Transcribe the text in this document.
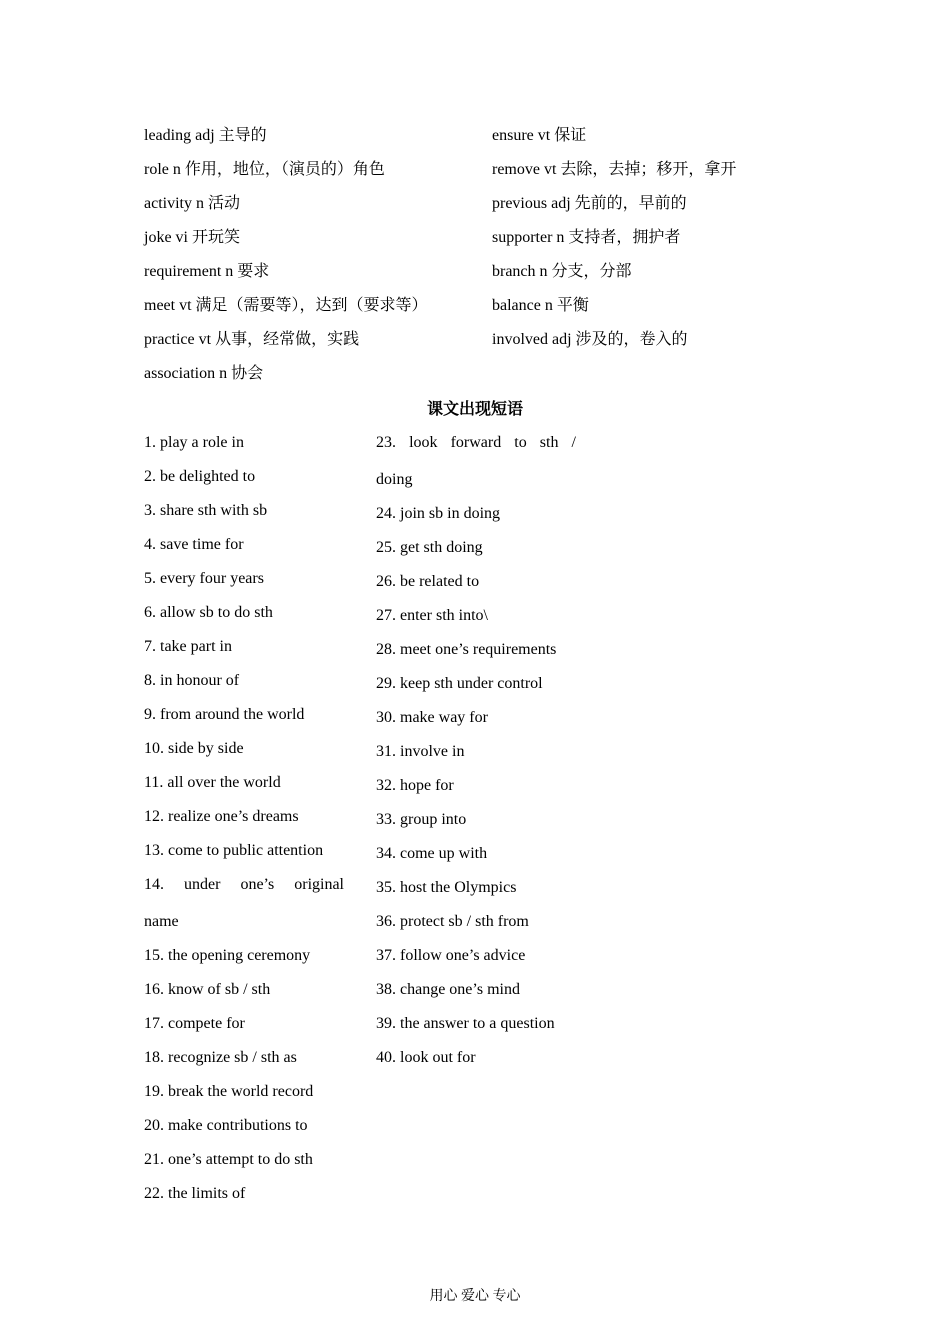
leading adj 主导的
role n 作用，地位，（演员的）角色
activity n 活动
joke vi 开玩笑
requirement n 要求
meet vt 满足（需要等），达到（要求等）
practice vt 从事，经常做，实践
association n 协会
ensure vt 保证
remove vt 去除，去掉；移开，拿开
previous adj 先前的，早前的
supporter n 支持者，拥护者
branch n 分支，分部
balance n 平衡
involved adj 涉及的，卷入的
课文出现短语
1. play a role in
2. be delighted to
3. share sth with sb
4. save time for
5. every four years
6. allow sb to do sth
7. take part in
8. in honour of
9. from around the world
10. side by side
11. all over the world
12. realize one’s dreams
13. come to public attention
14. under one’s original
name
15. the opening ceremony
16. know of sb / sth
17. compete for
18. recognize sb / sth as
19. break the world record
20. make contributions to
21. one’s attempt to do sth
22. the limits of
23. look forward to sth /
doing
24. join sb in doing
25. get sth doing
26. be related to
27. enter sth into\
28. meet one’s requirements
29. keep sth under control
30. make way for
31. involve in
32. hope for
33. group into
34. come up with
35. host the Olympics
36. protect sb / sth from
37. follow one’s advice
38. change one’s mind
39. the answer to a question
40. look out for
用心 爱心 专心
